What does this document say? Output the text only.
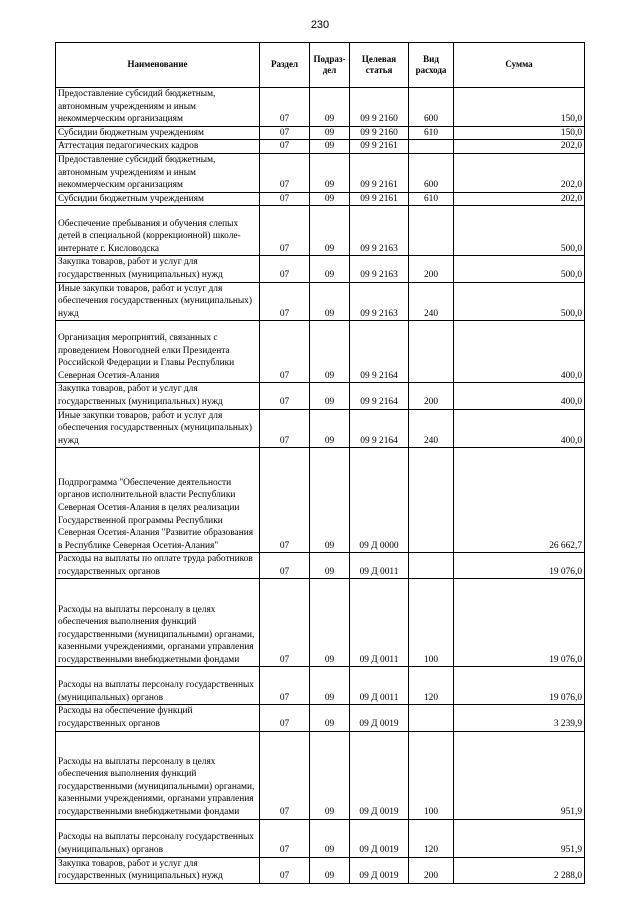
230
Наименование	Раздел	Подраз-дел	Целевая статья	Вид расхода	Сумма
Предоставление субсидий бюджетным, автономным учреждениям и иным некоммерческим организациям	07	09	09 9 2160	600	150,0
Субсидии бюджетным учреждениям	07	09	09 9 2160	610	150,0
Аттестация педагогических кадров	07	09	09 9 2161		202,0
Предоставление субсидий бюджетным, автономным учреждениям и иным некоммерческим организациям	07	09	09 9 2161	600	202,0
Субсидии бюджетным учреждениям	07	09	09 9 2161	610	202,0
Обеспечение пребывания и обучения слепых детей в специальной (коррекционной) школе-интернате г. Кисловодска	07	09	09 9 2163		500,0
Закупка товаров, работ и услуг для государственных (муниципальных) нужд	07	09	09 9 2163	200	500,0
Иные закупки товаров, работ и услуг для обеспечения государственных (муниципальных) нужд	07	09	09 9 2163	240	500,0
Организация мероприятий, связанных с проведением Новогодней елки Президента Российской Федерации и Главы Республики Северная Осетия-Алания	07	09	09 9 2164		400,0
Закупка товаров, работ и услуг для государственных (муниципальных) нужд	07	09	09 9 2164	200	400,0
Иные закупки товаров, работ и услуг для обеспечения государственных (муниципальных) нужд	07	09	09 9 2164	240	400,0
Подпрограмма "Обеспечение деятельности органов исполнительной власти Республики Северная Осетия-Алания в целях реализации Государственной программы Республики Северная Осетия-Алания "Развитие образования в Республике Северная Осетия-Алания"	07	09	09 Д 0000		26 662,7
Расходы на выплаты по оплате труда работников государственных органов	07	09	09 Д 0011		19 076,0
Расходы на выплаты персоналу в целях обеспечения выполнения функций государственными (муниципальными) органами, казенными учреждениями, органами управления государственными внебюджетными фондами	07	09	09 Д 0011	100	19 076,0
Расходы на выплаты персоналу государственных (муниципальных) органов	07	09	09 Д 0011	120	19 076,0
Расходы на обеспечение функций государственных органов	07	09	09 Д 0019		3 239,9
Расходы на выплаты персоналу в целях обеспечения выполнения функций государственными (муниципальными) органами, казенными учреждениями, органами управления государственными внебюджетными фондами	07	09	09 Д 0019	100	951,9
Расходы на выплаты персоналу государственных (муниципальных) органов	07	09	09 Д 0019	120	951,9
Закупка товаров, работ и услуг для государственных (муниципальных) нужд	07	09	09 Д 0019	200	2 288,0
